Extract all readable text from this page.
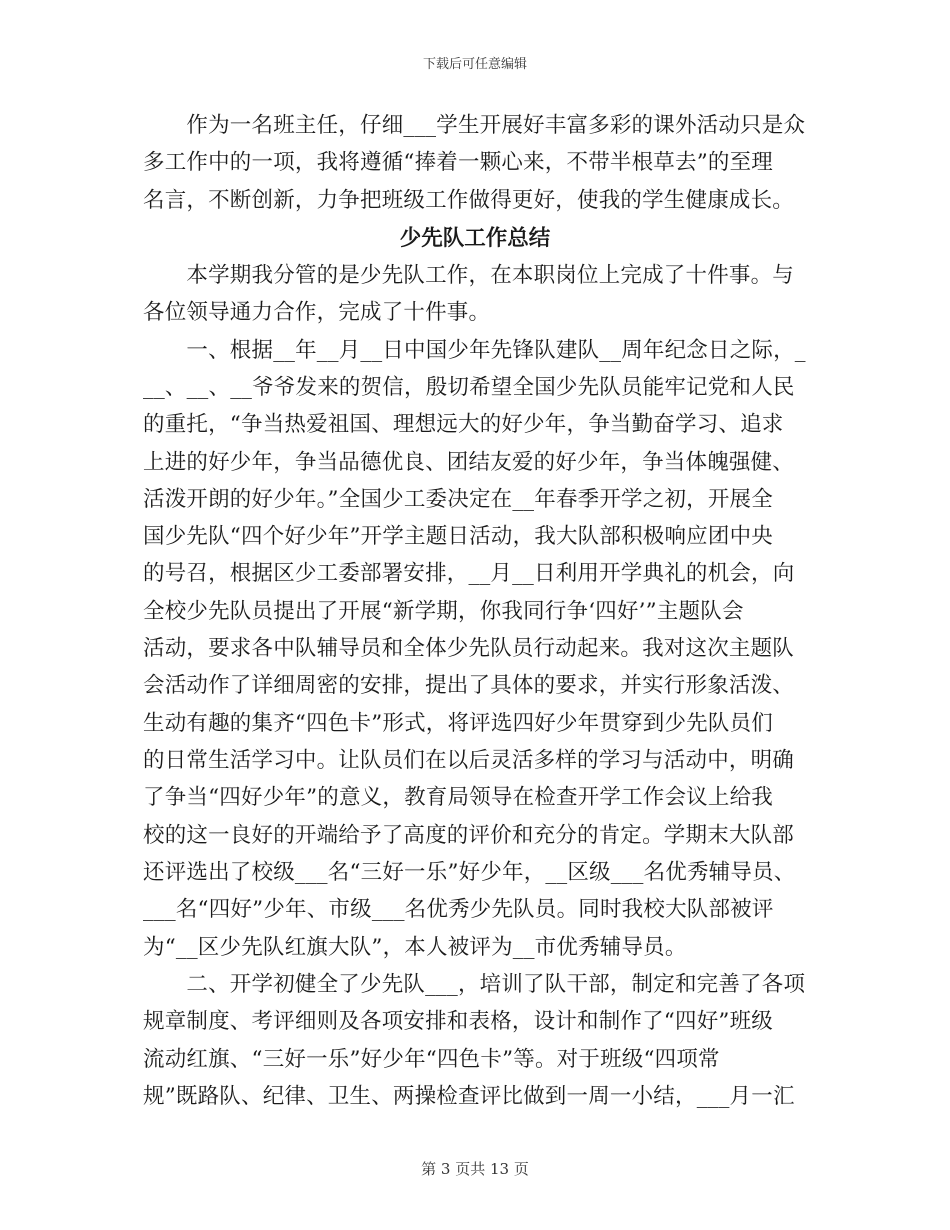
下载后可任意编辑
　　作为一名班主任，仔细___学生开展好丰富多彩的课外活动只是众
多工作中的一项，我将遵循“捧着一颗心来，不带半根草去”的至理
名言，不断创新，力争把班级工作做得更好，使我的学生健康成长。
少先队工作总结
　　本学期我分管的是少先队工作，在本职岗位上完成了十件事。与
各位领导通力合作，完成了十件事。
　　一、根据__年__月__日中国少年先锋队建队__周年纪念日之际，_
__、__、__爷爷发来的贺信，殷切希望全国少先队员能牢记党和人民
的重托，“争当热爱祖国、理想远大的好少年，争当勤奋学习、追求
上进的好少年，争当品德优良、团结友爱的好少年，争当体魄强健、
活泼开朗的好少年。”全国少工委决定在__年春季开学之初，开展全
国少先队“四个好少年”开学主题日活动，我大队部积极响应团中央
的号召，根据区少工委部署安排，__月__日利用开学典礼的机会，向
全校少先队员提出了开展“新学期，你我同行争‘四好’”主题队会
活动，要求各中队辅导员和全体少先队员行动起来。我对这次主题队
会活动作了详细周密的安排，提出了具体的要求，并实行形象活泼、
生动有趣的集齐“四色卡”形式，将评选四好少年贯穿到少先队员们
的日常生活学习中。让队员们在以后灵活多样的学习与活动中，明确
了争当“四好少年”的意义，教育局领导在检查开学工作会议上给我
校的这一良好的开端给予了高度的评价和充分的肯定。学期末大队部
还评选出了校级___名“三好一乐”好少年，__区级___名优秀辅导员、
___名“四好”少年、市级___名优秀少先队员。同时我校大队部被评
为“__区少先队红旗大队”，本人被评为__市优秀辅导员。
　　二、开学初健全了少先队___，培训了队干部，制定和完善了各项
规章制度、考评细则及各项安排和表格，设计和制作了“四好”班级
流动红旗、“三好一乐”好少年“四色卡”等。对于班级“四项常
规”既路队、纪律、卫生、两操检查评比做到一周一小结，___月一汇
第 3 页共 13 页
